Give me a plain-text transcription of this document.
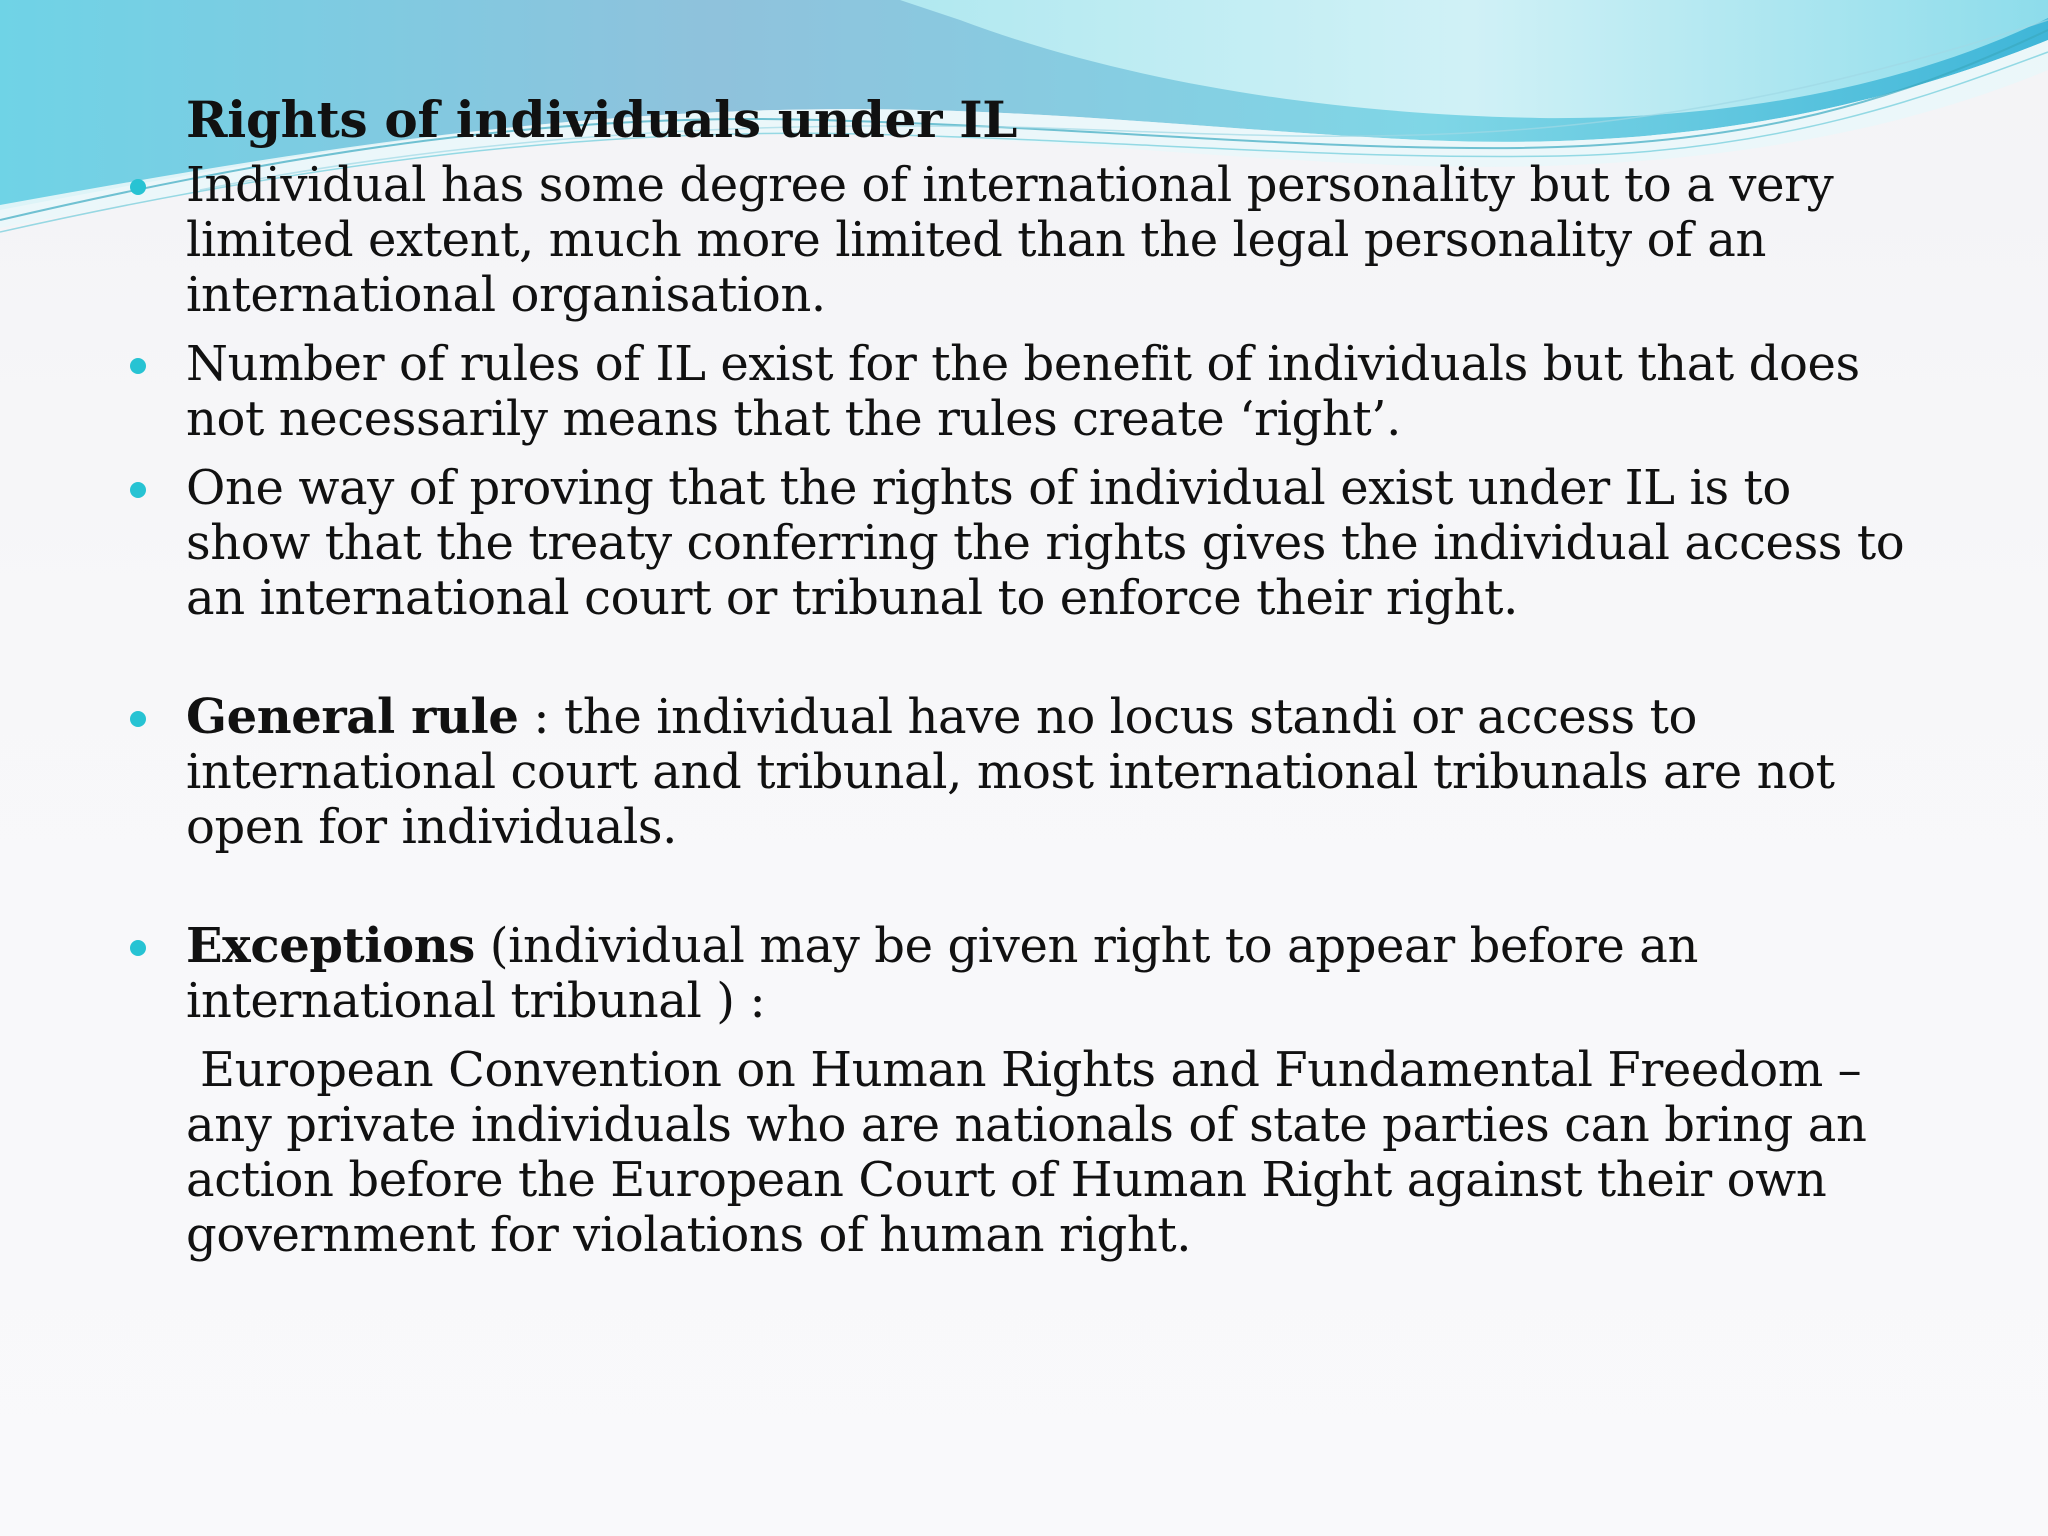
Rights of individuals under IL
Individual has some degree of international personality but to a very limited extent, much more limited than the legal personality of an international organisation.
Number of rules of IL exist for the benefit of individuals but that does not necessarily means that the rules create ‘right’.
One way of proving that the rights of individual exist under IL is to show that the treaty conferring the rights gives the individual access to an international court or tribunal to enforce their right.
General rule : the individual have no locus standi or access to international court and tribunal, most international tribunals are not open for individuals.
Exceptions (individual may be given right to appear before an international tribunal ) :
European Convention on Human Rights and Fundamental Freedom – any private individuals who are nationals of state parties can bring an action before the European Court of Human Right against their own government for violations of human right.
